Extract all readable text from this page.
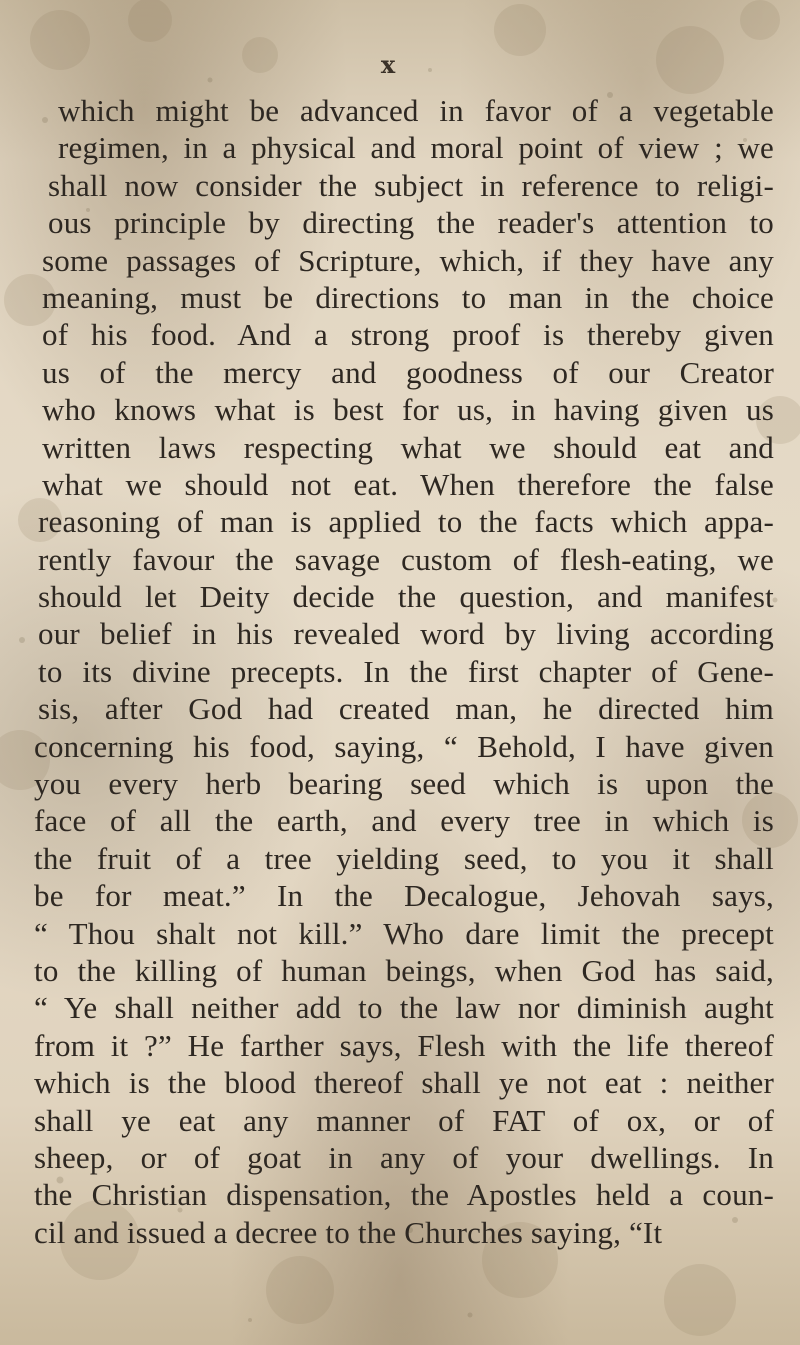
x
which might be advanced in favor of a vegetable
regimen, in a physical and moral point of view ; we
shall now consider the subject in reference to religi-
ous principle by directing the reader's attention to
some passages of Scripture, which, if they have any
meaning, must be directions to man in the choice
of his food. And a strong proof is thereby given
us of the mercy and goodness of our Creator
who knows what is best for us, in having given us
written laws respecting what we should eat and
what we should not eat. When therefore the false
reasoning of man is applied to the facts which appa-
rently favour the savage custom of flesh-eating, we
should let Deity decide the question, and manifest
our belief in his revealed word by living according
to its divine precepts. In the first chapter of Gene-
sis, after God had created man, he directed him
concerning his food, saying, “ Behold, I have given
you every herb bearing seed which is upon the
face of all the earth, and every tree in which is
the fruit of a tree yielding seed, to you it shall
be for meat.” In the Decalogue, Jehovah says,
“ Thou shalt not kill.” Who dare limit the precept
to the killing of human beings, when God has said,
“ Ye shall neither add to the law nor diminish aught
from it ?” He farther says, Flesh with the life thereof
which is the blood thereof shall ye not eat : neither
shall ye eat any manner of FAT of ox, or of
sheep, or of goat in any of your dwellings. In
the Christian dispensation, the Apostles held a coun-
cil and issued a decree to the Churches saying, “It
